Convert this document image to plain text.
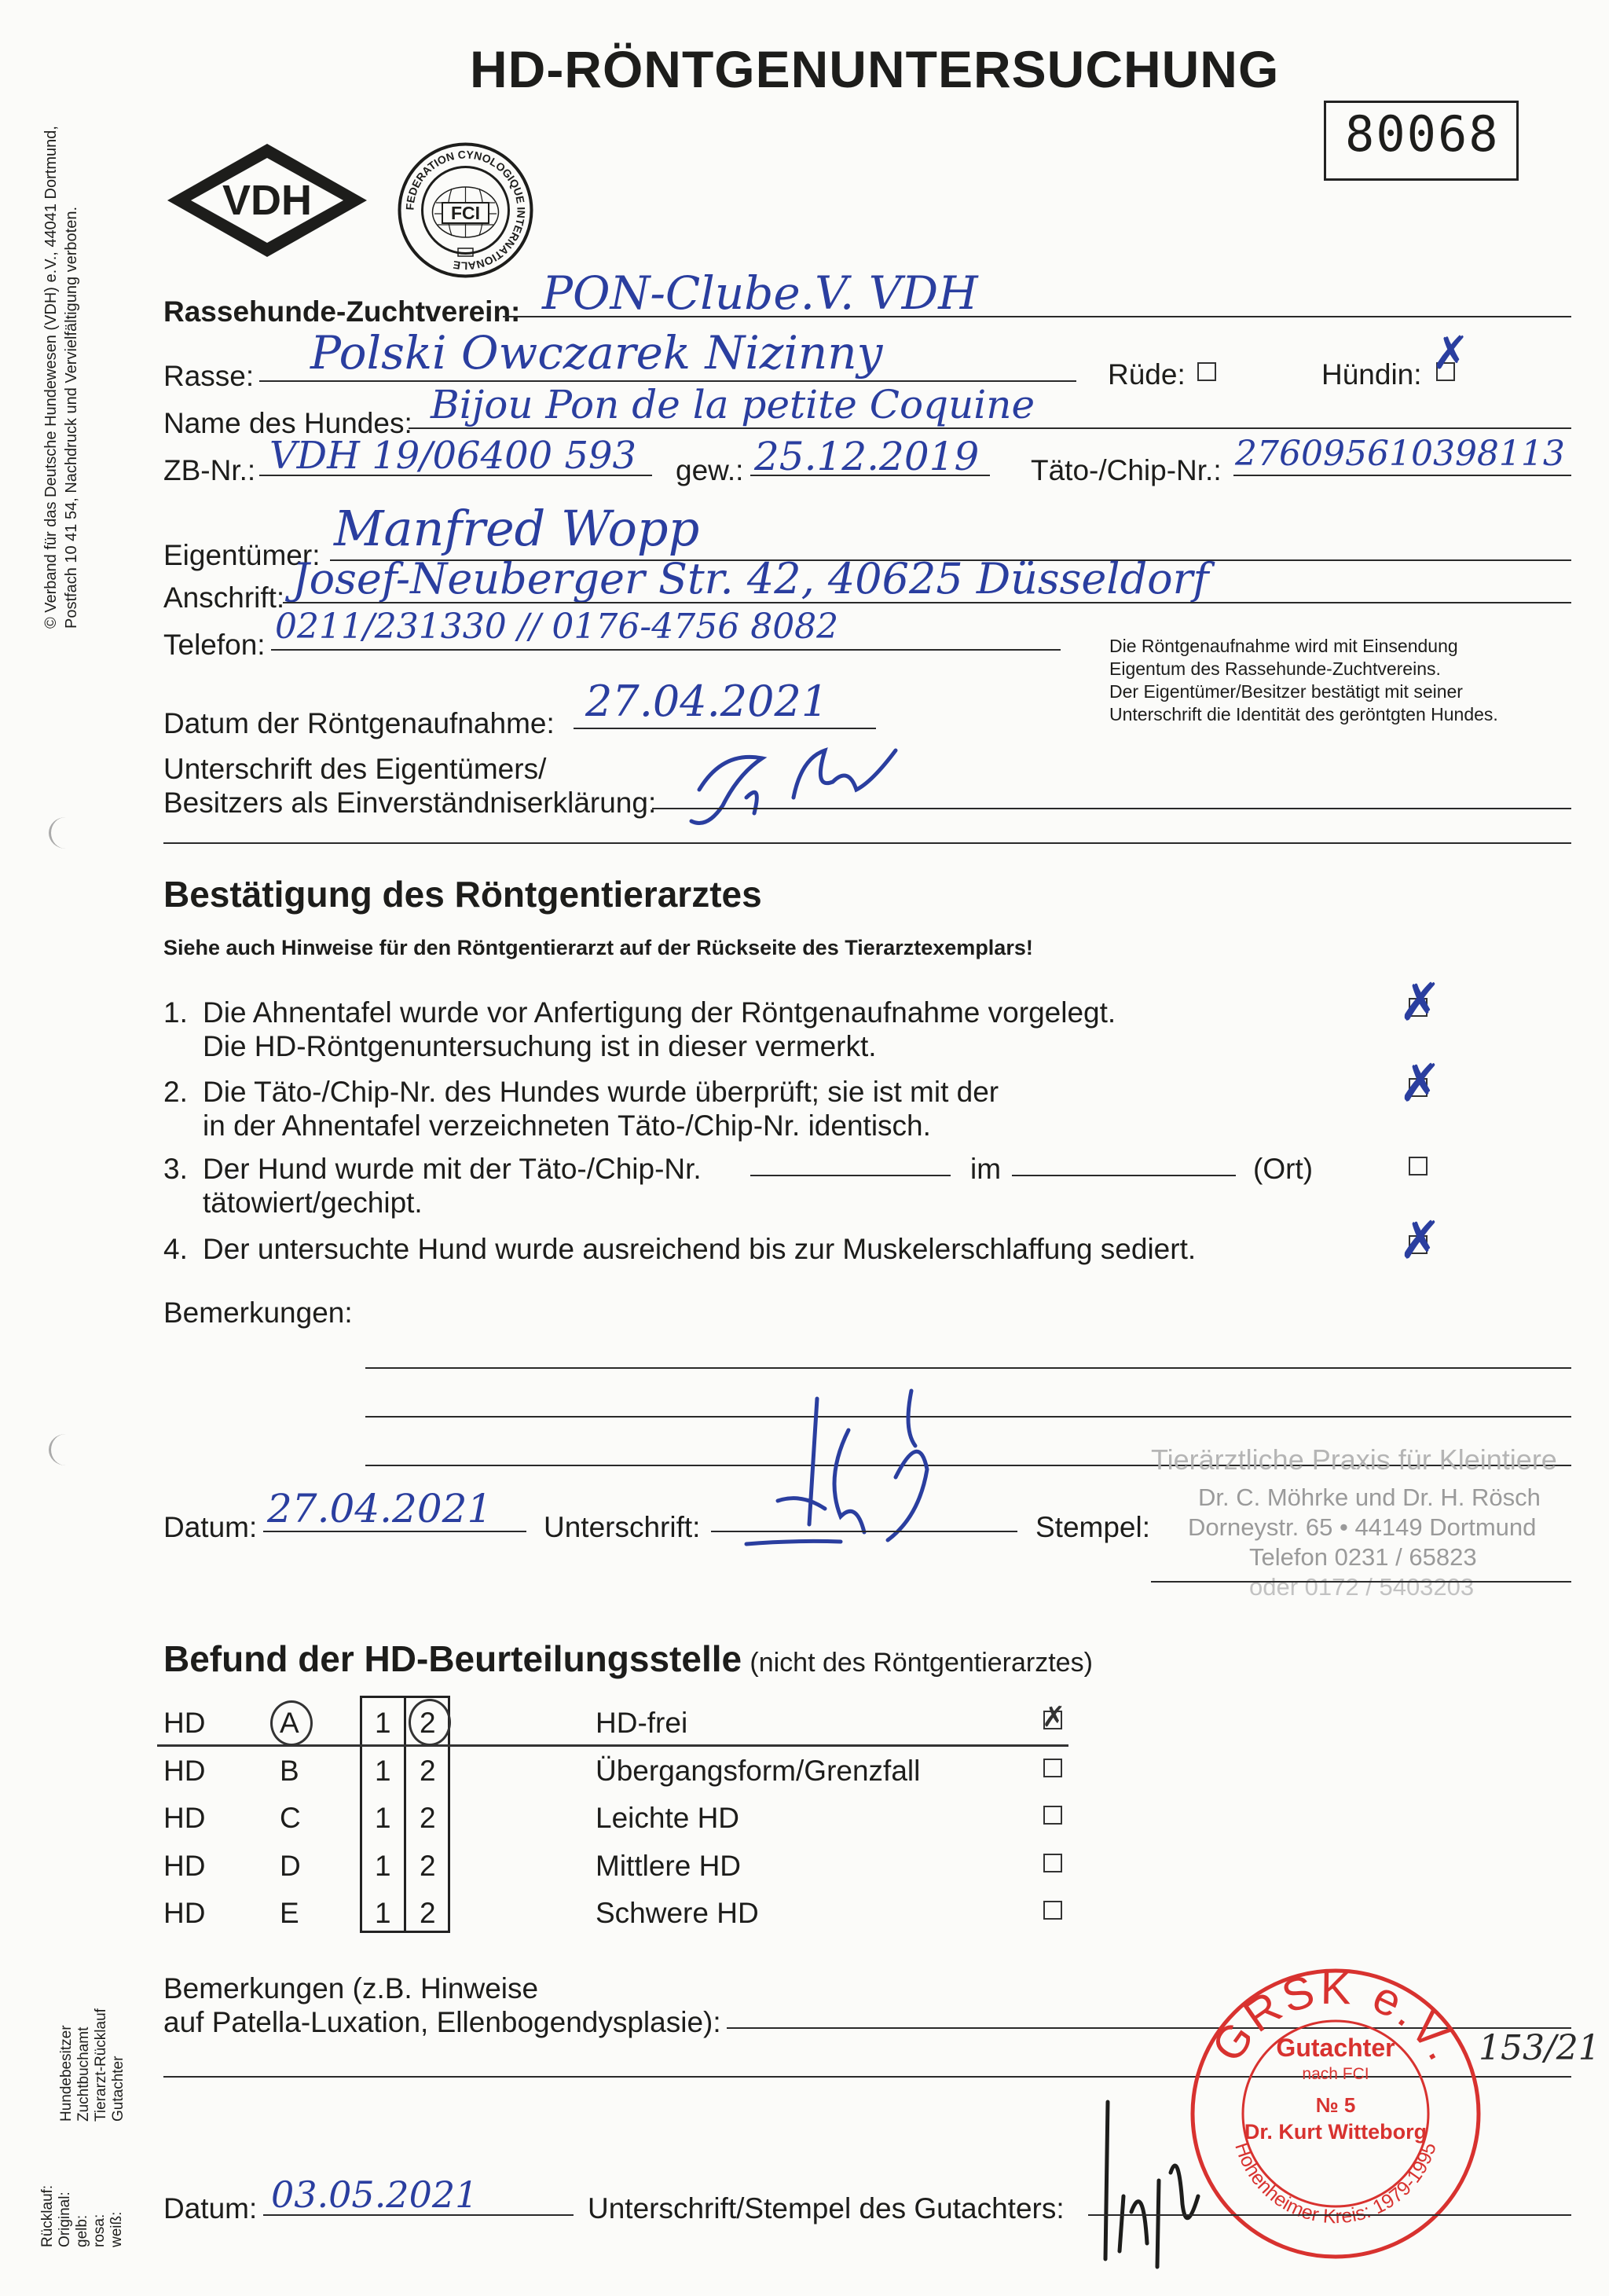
© Verband für das Deutsche Hundewesen (VDH) e.V., 44041 Dortmund, Postfach 10 41 54, Nachdruck und Vervielfältigung verboten.
Rücklauf: Original: gelb: rosa: weiß:
Hundebesitzer Zuchtbuchamt Tierarzt-Rücklauf Gutachter
HD-RÖNTGENUNTERSUCHUNG
80068
VDH	FEDERATION CYNOLOGIQUE INTERNATIONALE
FCI
Rassehunde-Zuchtverein: PON-Clube.V. VDH
Rasse: Polski Owczarek Nizinny	Rüde:	Hündin: ✗
Name des Hundes: Bijou Pon de la petite Coquine
ZB-Nr.: VDH 19/06400 593 gew.: 25.12.2019 Täto-/Chip-Nr.: 276095610398113
Eigentümer: Manfred Wopp
Anschrift: Josef-Neuberger Str. 42, 40625 Düsseldorf
Telefon: 0211/231330 // 0176-4756 8082	Die Röntgenaufnahme wird mit Einsendung
Eigentum des Rassehunde-Zuchtvereins.
Der Eigentümer/Besitzer bestätigt mit seiner
Unterschrift die Identität des geröntgten Hundes.
Datum der Röntgenaufnahme: 27.04.2021
Unterschrift des Eigentümers/
Besitzers als Einverständniserklärung:
Bestätigung des Röntgentierarztes
Siehe auch Hinweise für den Röntgentierarzt auf der Rückseite des Tierarztexemplars!
1. Die Ahnentafel wurde vor Anfertigung der Röntgenaufnahme vorgelegt.
Die HD-Röntgenuntersuchung ist in dieser vermerkt.
✗
2. Die Täto-/Chip-Nr. des Hundes wurde überprüft; sie ist mit der
in der Ahnentafel verzeichneten Täto-/Chip-Nr. identisch.
✗
3. Der Hund wurde mit der Täto-/Chip-Nr.	im	(Ort)
tätowiert/gechipt.
4. Der untersuchte Hund wurde ausreichend bis zur Muskelerschlaffung sediert.	✗
Bemerkungen:
Tierärztliche Praxis für Kleintiere
Dr. C. Möhrke und Dr. H. Rösch
Dorneystr. 65 • 44149 Dortmund
Telefon 0231 / 65823
oder 0172 / 5403203
Datum: 27.04.2021 Unterschrift:	Stempel:
Befund der HD-Beurteilungsstelle (nicht des Röntgentierarztes)
HD	A	1 2	HD-frei	✗
HD	B	1 2	Übergangsform/Grenzfall
HD	C	1 2	Leichte HD
HD	D	1 2	Mittlere HD
HD	E	1 2	Schwere HD
Bemerkungen (z.B. Hinweise
auf Patella-Luxation, Ellenbogendysplasie):
153/21
GRSK e.V.
Hohenheimer Kreis: 1979-1995
Gutachter
nach FCI
№ 5
Dr. Kurt Witteborg
Datum: 03.05.2021	Unterschrift/Stempel des Gutachters:
